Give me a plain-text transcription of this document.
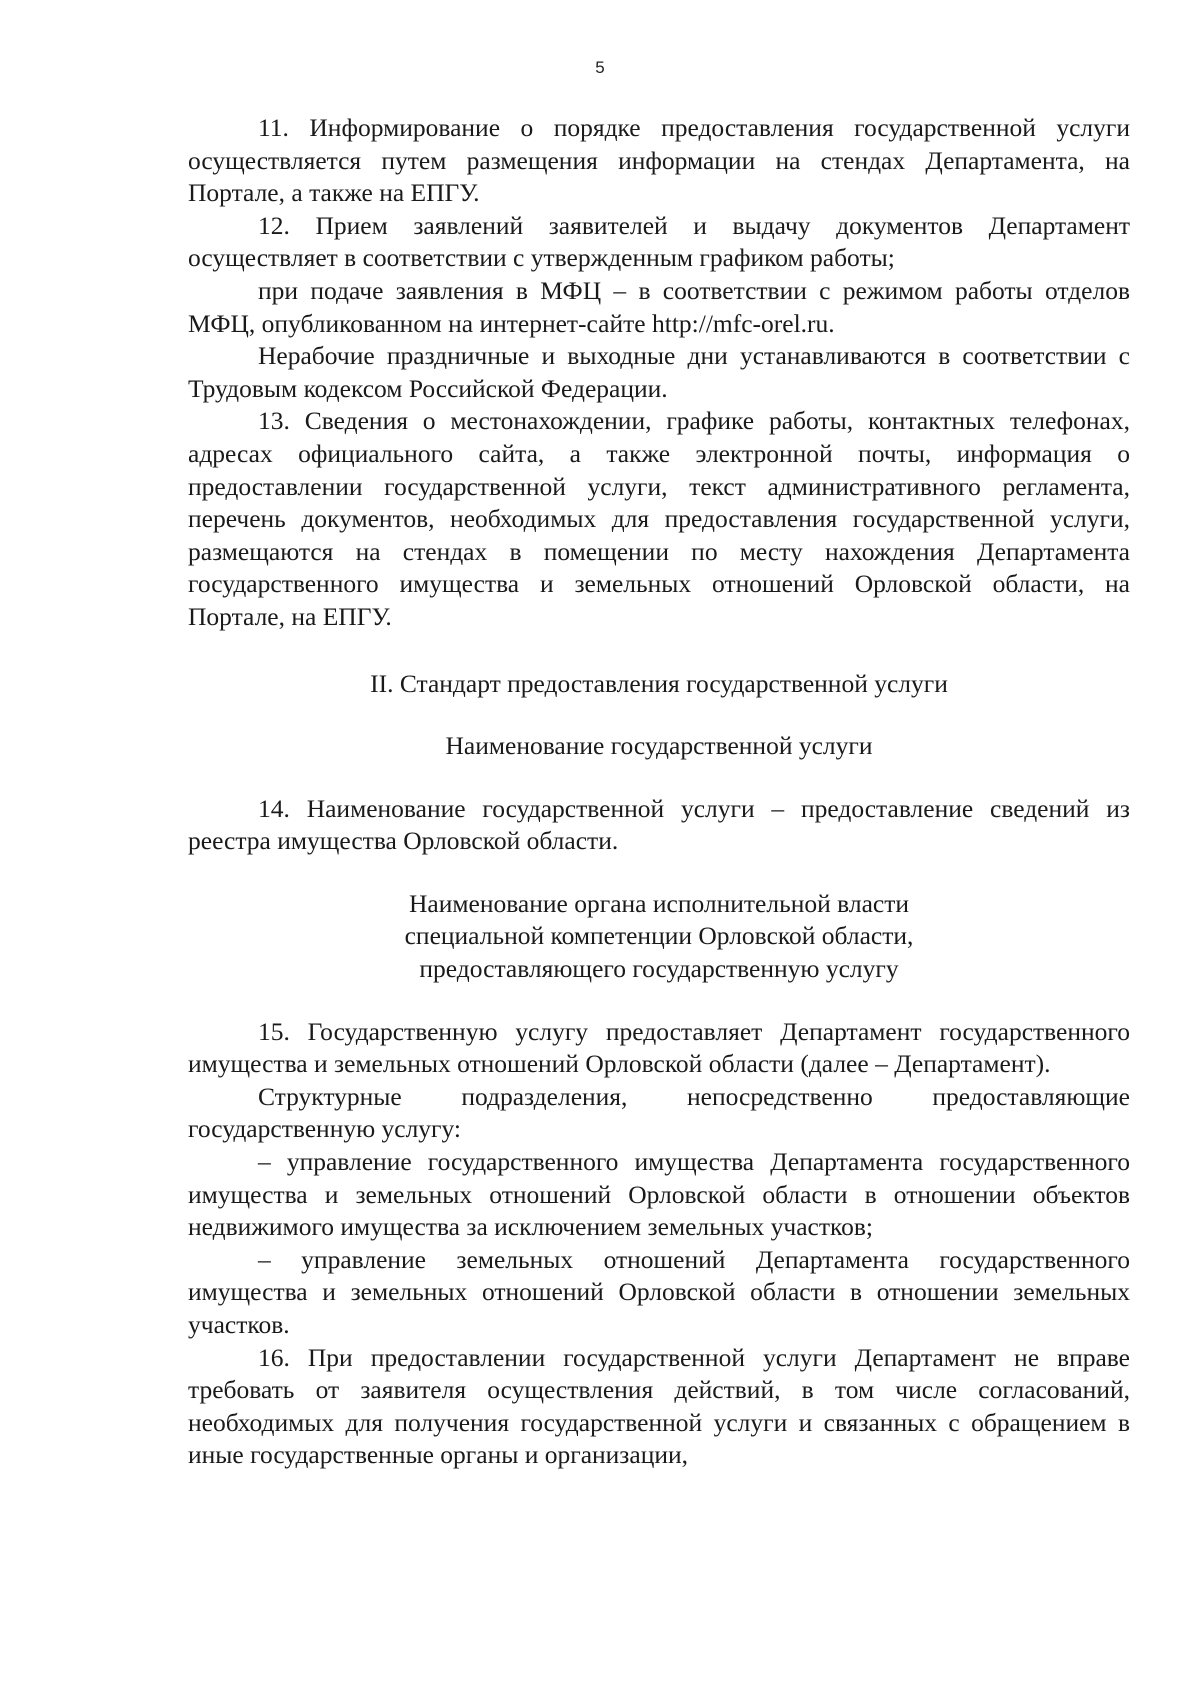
5

11. Информирование о порядке предоставления государственной услуги осуществляется путем размещения информации на стендах Департамента, на Портале, а также на ЕПГУ.

12. Прием заявлений заявителей и выдачу документов Департамент осуществляет в соответствии с утвержденным графиком работы;

при подаче заявления в МФЦ – в соответствии с режимом работы отделов МФЦ, опубликованном на интернет-сайте http://mfc-orel.ru.

Нерабочие праздничные и выходные дни устанавливаются в соответствии с Трудовым кодексом Российской Федерации.

13. Сведения о местонахождении, графике работы, контактных телефонах, адресах официального сайта, а также электронной почты, информация о предоставлении государственной услуги, текст административного регламента, перечень документов, необходимых для предоставления государственной услуги, размещаются на стендах в помещении по месту нахождения Департамента государственного имущества и земельных отношений Орловской области, на Портале, на ЕПГУ.

II. Стандарт предоставления государственной услуги

Наименование государственной услуги

14. Наименование государственной услуги – предоставление сведений из реестра имущества Орловской области.

Наименование органа исполнительной власти
специальной компетенции Орловской области,
предоставляющего государственную услугу

15. Государственную услугу предоставляет Департамент государственного имущества и земельных отношений Орловской области (далее – Департамент).

Структурные подразделения, непосредственно предоставляющие государственную услугу:

– управление государственного имущества Департамента государственного имущества и земельных отношений Орловской области в отношении объектов недвижимого имущества за исключением земельных участков;

– управление земельных отношений Департамента государственного имущества и земельных отношений Орловской области в отношении земельных участков.

16. При предоставлении государственной услуги Департамент не вправе требовать от заявителя осуществления действий, в том числе согласований, необходимых для получения государственной услуги и связанных с обращением в иные государственные органы и организации,
